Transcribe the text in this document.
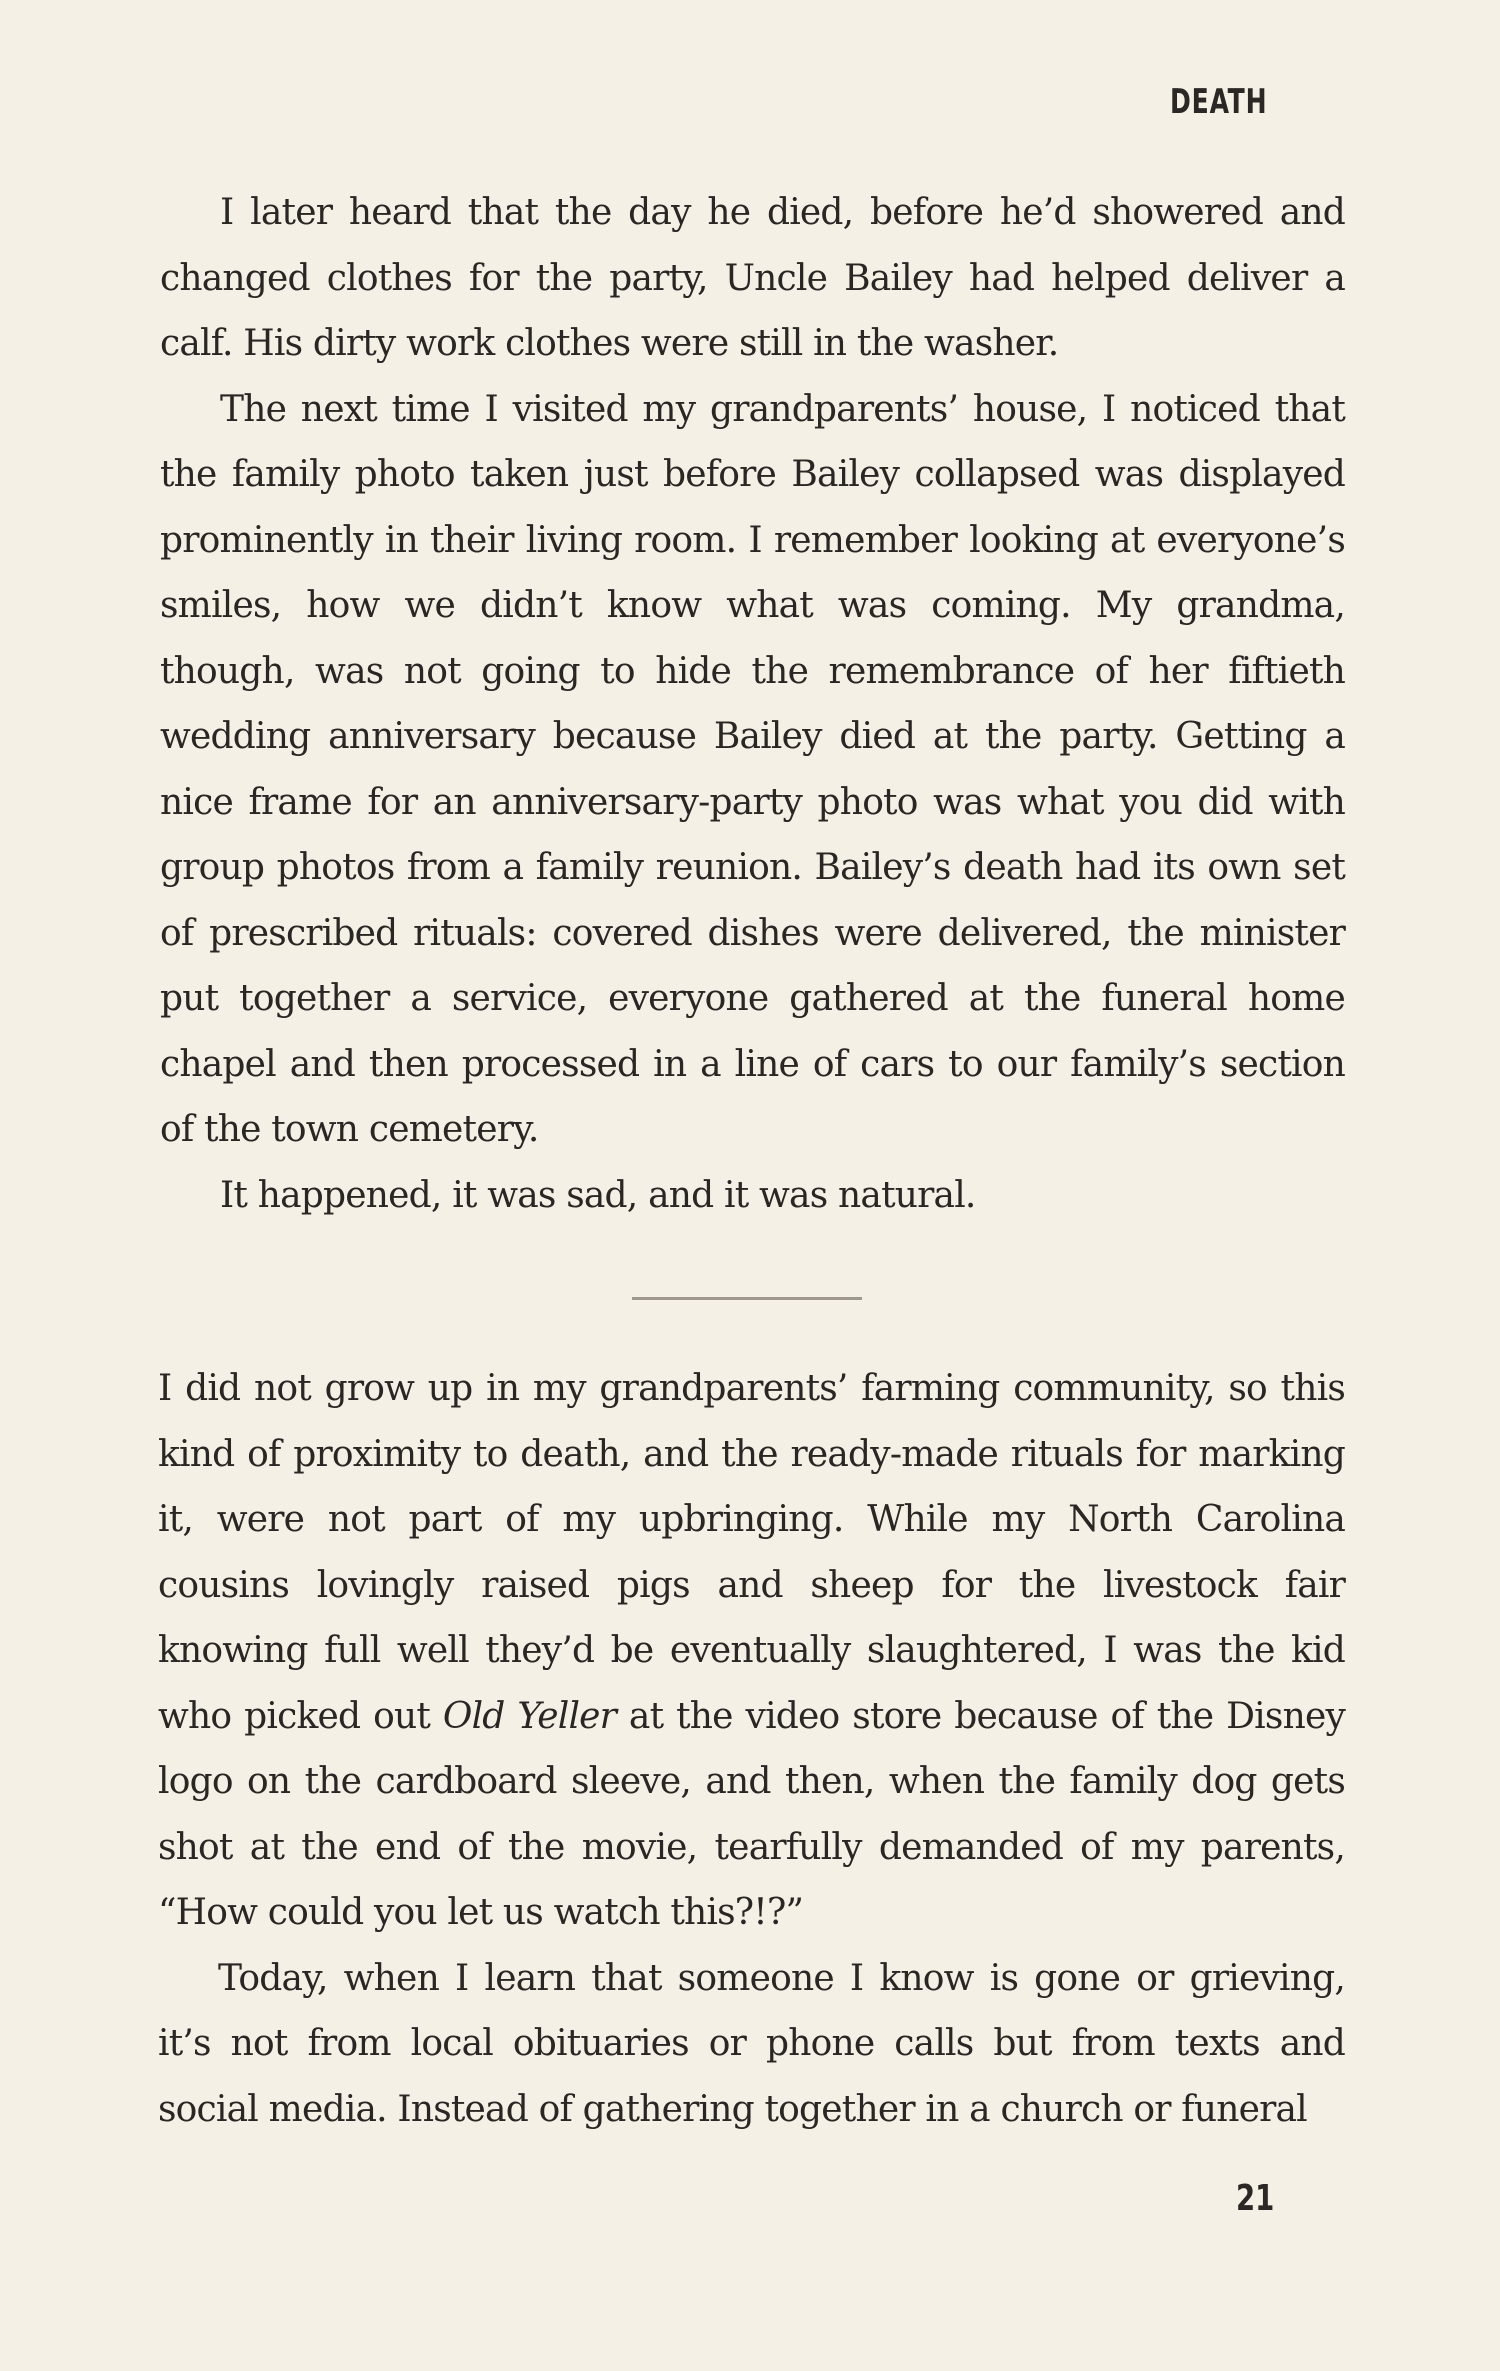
DEATH

I later heard that the day he died, before he’d showered and changed clothes for the party, Uncle Bailey had helped deliver a calf. His dirty work clothes were still in the washer.

The next time I visited my grandparents’ house, I noticed that the family photo taken just before Bailey collapsed was displayed prominently in their living room. I remember looking at everyone’s smiles, how we didn’t know what was coming. My grandma, though, was not going to hide the remembrance of her fiftieth wedding anniversary because Bailey died at the party. Getting a nice frame for an anniversary-party photo was what you did with group photos from a family reunion. Bailey’s death had its own set of prescribed rituals: covered dishes were delivered, the minister put together a service, everyone gathered at the funeral home chapel and then processed in a line of cars to our family’s section of the town cemetery.

It happened, it was sad, and it was natural.

I did not grow up in my grandparents’ farming community, so this kind of proximity to death, and the ready-made rituals for marking it, were not part of my upbringing. While my North Carolina cousins lovingly raised pigs and sheep for the livestock fair knowing full well they’d be eventually slaughtered, I was the kid who picked out Old Yeller at the video store because of the Disney logo on the cardboard sleeve, and then, when the family dog gets shot at the end of the movie, tearfully demanded of my parents, “How could you let us watch this?!?”

Today, when I learn that someone I know is gone or grieving, it’s not from local obituaries or phone calls but from texts and social media. Instead of gathering together in a church or funeral

21
